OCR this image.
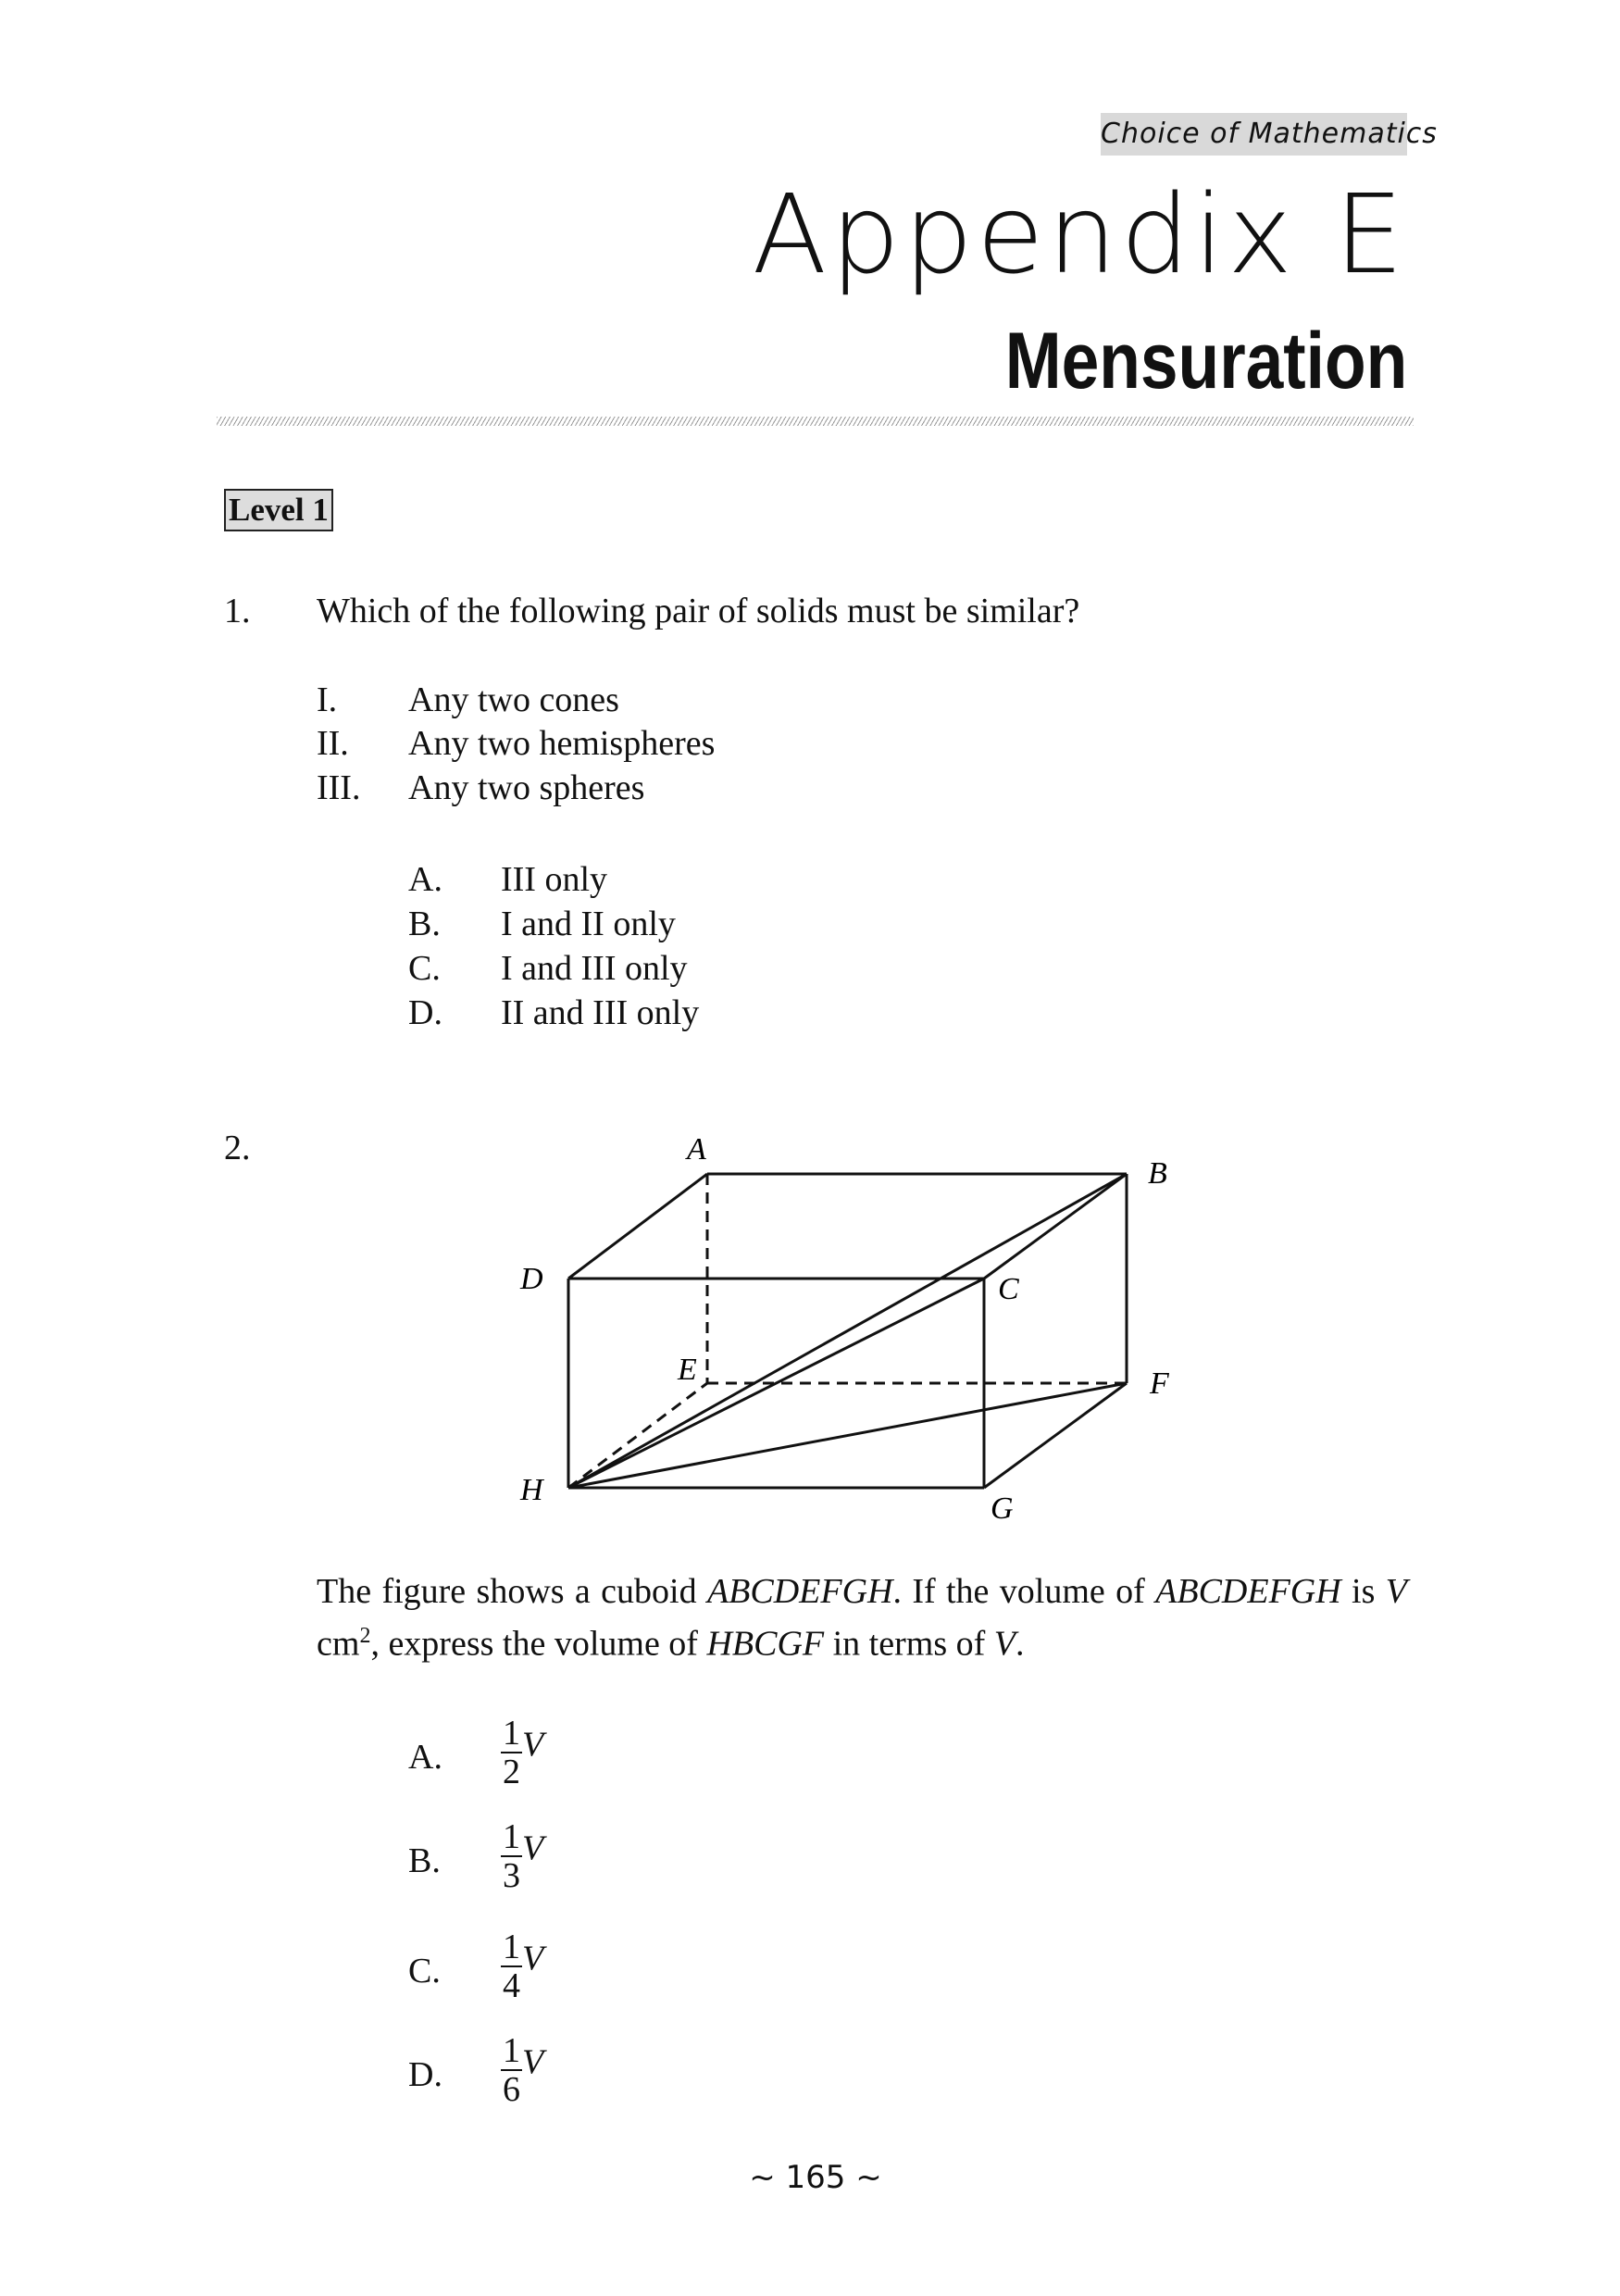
Choice of Mathematics
Appendix E
Mensuration
Level 1
1. Which of the following pair of solids must be similar?
I. Any two cones
II. Any two hemispheres
III. Any two spheres
A. III only
B. I and II only
C. I and III only
D. II and III only
2.	A
B
C
D
E	F
G
H
The figure shows a cuboid ABCDEFGH. If the volume of ABCDEFGH is V $cm^2$, express the volume of HBCGF in terms of V.
A. $\frac{1}{2}$ V
B. $\frac{1}{3}$ V
C. $\frac{1}{4}$ V
D. $\frac{1}{6}$ V
~ 165 ~
